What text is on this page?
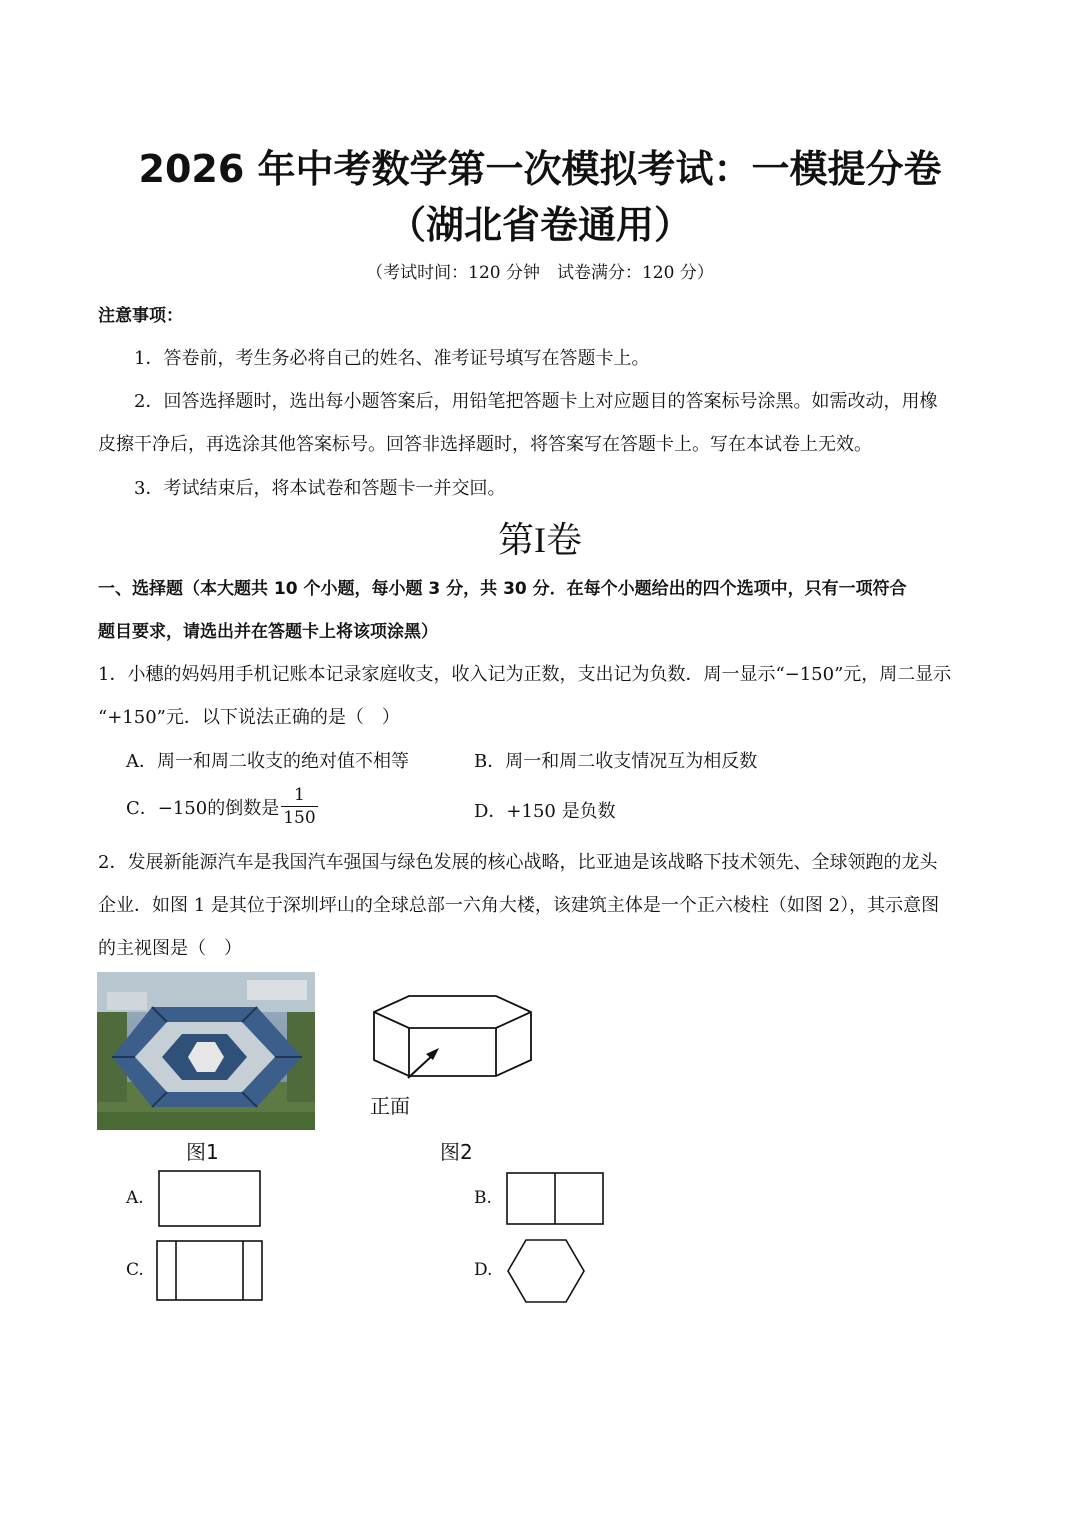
2026 年中考数学第一次模拟考试：一模提分卷
（湖北省卷通用）
（考试时间：120 分钟　试卷满分：120 分）
注意事项：
1．答卷前，考生务必将自己的姓名、准考证号填写在答题卡上。
2．回答选择题时，选出每小题答案后，用铅笔把答题卡上对应题目的答案标号涂黑。如需改动，用橡
皮擦干净后，再选涂其他答案标号。回答非选择题时，将答案写在答题卡上。写在本试卷上无效。
3．考试结束后，将本试卷和答题卡一并交回。
第I卷
一、选择题（本大题共 10 个小题，每小题 3 分，共 30 分．在每个小题给出的四个选项中，只有一项符合
题目要求，请选出并在答题卡上将该项涂黑）
1．小穗的妈妈用手机记账本记录家庭收支，收入记为正数，支出记为负数．周一显示“−150”元，周二显示
“+150”元．以下说法正确的是（　）
A．周一和周二收支的绝对值不相等	B．周一和周二收支情况互为相反数
C．−150的倒数是 $\frac{1}{150}$	D．+150 是负数
2．发展新能源汽车是我国汽车强国与绿色发展的核心战略，比亚迪是该战略下技术领先、全球领跑的龙头
企业．如图 1 是其位于深圳坪山的全球总部一六角大楼，该建筑主体是一个正六棱柱（如图 2），其示意图
的主视图是（　）
图1
正面
图2
A.	B.
C.	D.
